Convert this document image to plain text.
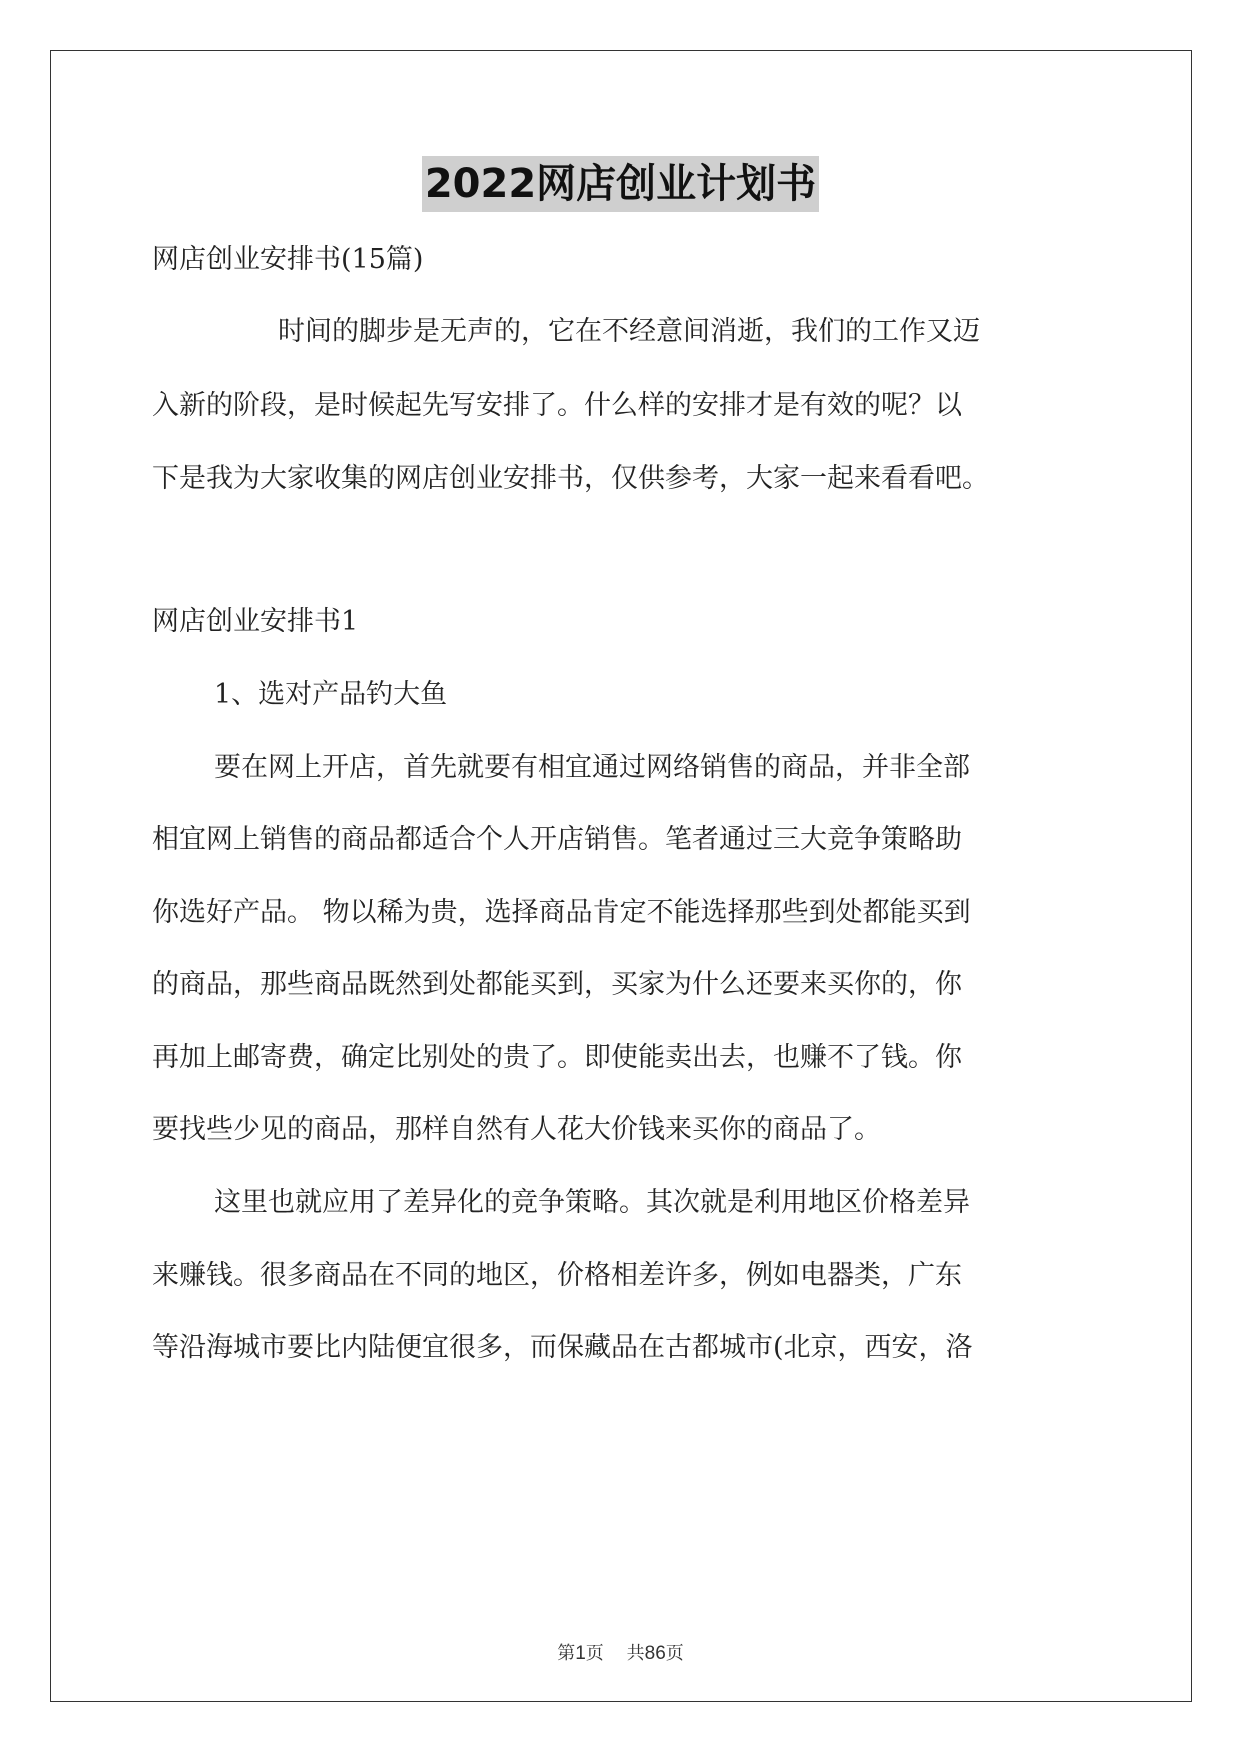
2022网店创业计划书
网店创业安排书(15篇)
时间的脚步是无声的，它在不经意间消逝，我们的工作又迈
入新的阶段，是时候起先写安排了。什么样的安排才是有效的呢？以
下是我为大家收集的网店创业安排书，仅供参考，大家一起来看看吧。
网店创业安排书1
1、选对产品钓大鱼
要在网上开店，首先就要有相宜通过网络销售的商品，并非全部
相宜网上销售的商品都适合个人开店销售。笔者通过三大竞争策略助
你选好产品。 物以稀为贵，选择商品肯定不能选择那些到处都能买到
的商品，那些商品既然到处都能买到，买家为什么还要来买你的，你
再加上邮寄费，确定比别处的贵了。即使能卖出去，也赚不了钱。你
要找些少见的商品，那样自然有人花大价钱来买你的商品了。
这里也就应用了差异化的竞争策略。其次就是利用地区价格差异
来赚钱。很多商品在不同的地区，价格相差许多，例如电器类，广东
等沿海城市要比内陆便宜很多，而保藏品在古都城市(北京，西安，洛
第1页 共86页
